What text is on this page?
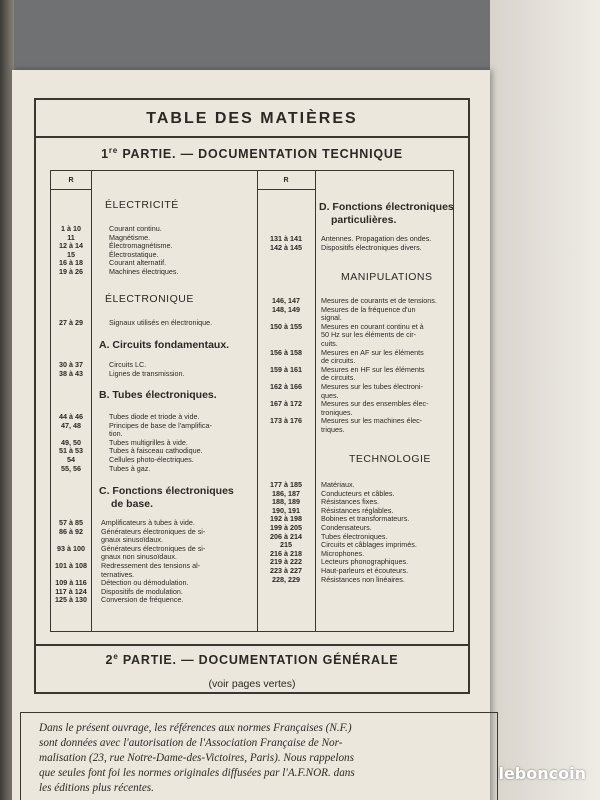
TABLE DES MATIÈRES
1re PARTIE. — DOCUMENTATION TECHNIQUE
R
ÉLECTRICITÉ
1 à 10	Courant continu.
11	Magnétisme.
12 à 14	Électromagnétisme.
15	Électrostatique.
16 à 18	Courant alternatif.
19 à 26	Machines électriques.
ÉLECTRONIQUE
27 à 29	Signaux utilisés en électronique.
A. Circuits fondamentaux.
30 à 37	Circuits LC.
38 à 43	Lignes de transmission.
B. Tubes électroniques.
44 à 46	Tubes diode et triode à vide.
47, 48	Principes de base de l'amplifica-
tion.
49, 50	Tubes multigrilles à vide.
51 à 53	Tubes à faisceau cathodique.
54	Cellules photo-électriques.
55, 56	Tubes à gaz.
C. Fonctions électroniques
de base.
57 à 85	Amplificateurs à tubes à vide.
86 à 92	Générateurs électroniques de si-
gnaux sinusoïdaux.
93 à 100	Générateurs électroniques de si-
gnaux non sinusoïdaux.
101 à 108	Redressement des tensions al-
ternatives.
109 à 116	Détection ou démodulation.
117 à 124	Dispositifs de modulation.
125 à 130	Conversion de fréquence.
R
D. Fonctions électroniques
particulières.
131 à 141	Antennes. Propagation des ondes.
142 à 145	Dispositifs électroniques divers.
MANIPULATIONS
146, 147	Mesures de courants et de tensions.
148, 149	Mesures de la fréquence d'un
signal.
150 à 155	Mesures en courant continu et à
50 Hz sur les éléments de cir-
cuits.
156 à 158	Mesures en AF sur les éléments
de circuits.
159 à 161	Mesures en HF sur les éléments
de circuits.
162 à 166	Mesures sur les tubes électroni-
ques.
167 à 172	Mesures sur des ensembles élec-
troniques.
173 à 176	Mesures sur les machines élec-
triques.
TECHNOLOGIE
177 à 185	Matériaux.
186, 187	Conducteurs et câbles.
188, 189	Résistances fixes.
190, 191	Résistances réglables.
192 à 198	Bobines et transformateurs.
199 à 205	Condensateurs.
206 à 214	Tubes électroniques.
215	Circuits et câblages imprimés.
216 à 218	Microphones.
219 à 222	Lecteurs phonographiques.
223 à 227	Haut-parleurs et écouteurs.
228, 229	Résistances non linéaires.
2e PARTIE. — DOCUMENTATION GÉNÉRALE
(voir pages vertes)
Dans le présent ouvrage, les références aux normes Françaises (N.F.)
sont données avec l'autorisation de l'Association Française de Nor-
malisation (23, rue Notre-Dame-des-Victoires, Paris). Nous rappelons
que seules font foi les normes originales diffusées par l'A.F.NOR. dans
les éditions plus récentes.
leboncoin
